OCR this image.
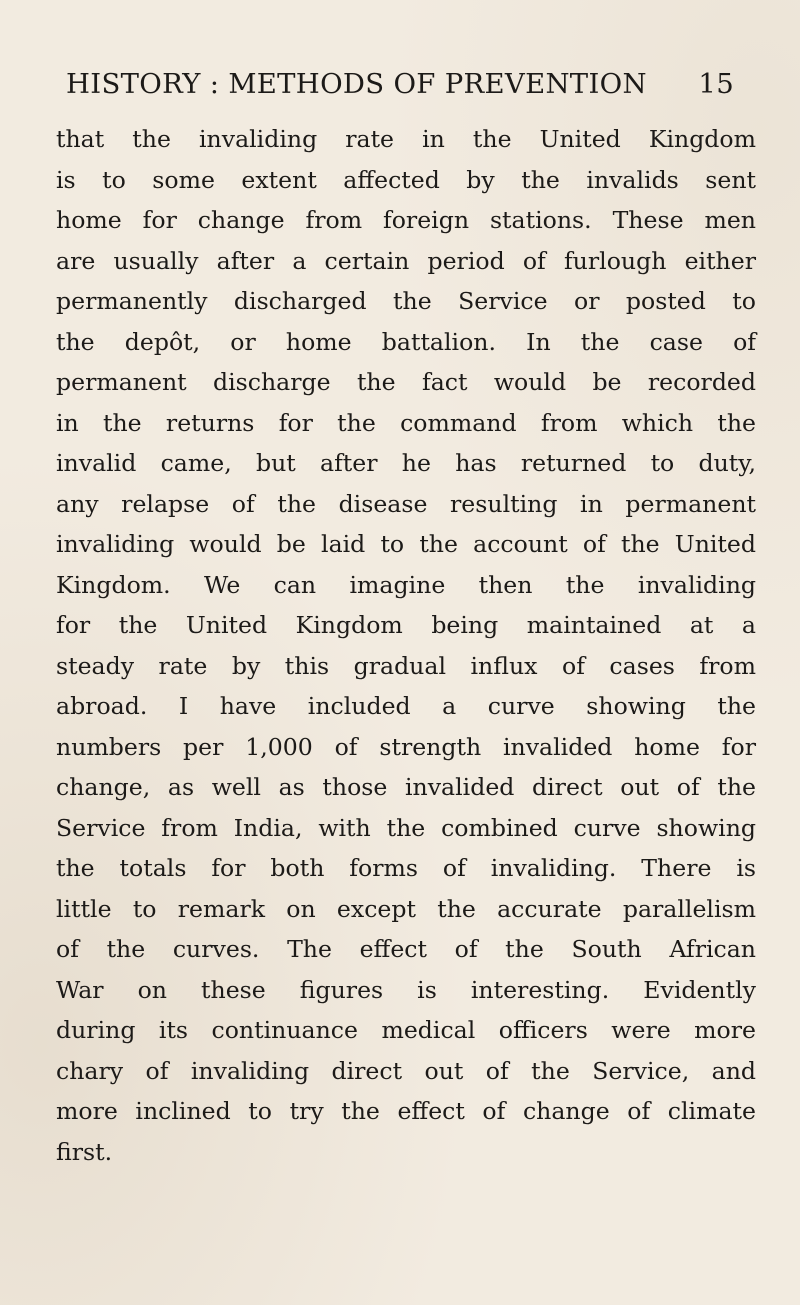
HISTORY : METHODS OF PREVENTION 15
that the invaliding rate in the United Kingdom
is to some extent affected by the invalids sent
home for change from foreign stations. These men
are usually after a certain period of furlough either
permanently discharged the Service or posted to
the depôt, or home battalion. In the case of
permanent discharge the fact would be recorded
in the returns for the command from which the
invalid came, but after he has returned to duty,
any relapse of the disease resulting in permanent
invaliding would be laid to the account of the United
Kingdom. We can imagine then the invaliding
for the United Kingdom being maintained at a
steady rate by this gradual influx of cases from
abroad. I have included a curve showing the
numbers per 1,000 of strength invalided home for
change, as well as those invalided direct out of the
Service from India, with the combined curve showing
the totals for both forms of invaliding. There is
little to remark on except the accurate parallelism
of the curves. The effect of the South African
War on these figures is interesting. Evidently
during its continuance medical officers were more
chary of invaliding direct out of the Service, and
more inclined to try the effect of change of climate
first.
